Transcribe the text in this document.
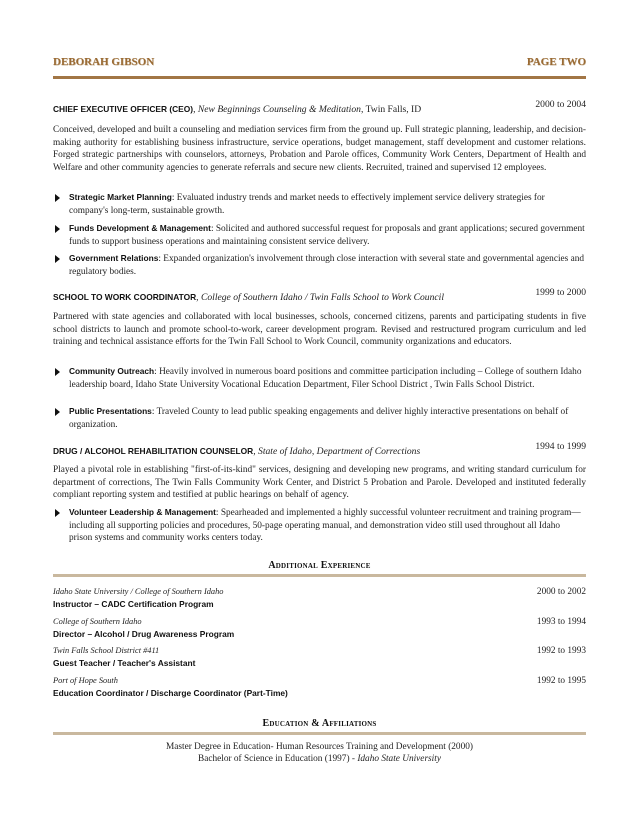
DEBORAH GIBSON	PAGE TWO
CHIEF EXECUTIVE OFFICER (CEO), New Beginnings Counseling & Meditation, Twin Falls, ID	2000 to 2004
Conceived, developed and built a counseling and mediation services firm from the ground up. Full strategic planning, leadership, and decision-making authority for establishing business infrastructure, service operations, budget management, staff development and customer relations. Forged strategic partnerships with counselors, attorneys, Probation and Parole offices, Community Work Centers, Department of Health and Welfare and other community agencies to generate referrals and secure new clients. Recruited, trained and supervised 12 employees.
Strategic Market Planning: Evaluated industry trends and market needs to effectively implement service delivery strategies for company's long-term, sustainable growth.
Funds Development & Management: Solicited and authored successful request for proposals and grant applications; secured government funds to support business operations and maintaining consistent service delivery.
Government Relations: Expanded organization's involvement through close interaction with several state and governmental agencies and regulatory bodies.
SCHOOL TO WORK COORDINATOR, College of Southern Idaho / Twin Falls School to Work Council	1999 to 2000
Partnered with state agencies and collaborated with local businesses, schools, concerned citizens, parents and participating students in five school districts to launch and promote school-to-work, career development program. Revised and restructured program curriculum and led training and technical assistance efforts for the Twin Fall School to Work Council, community organizations and educators.
Community Outreach: Heavily involved in numerous board positions and committee participation including – College of southern Idaho leadership board, Idaho State University Vocational Education Department, Filer School District , Twin Falls School District.
Public Presentations: Traveled County to lead public speaking engagements and deliver highly interactive presentations on behalf of organization.
DRUG / ALCOHOL REHABILITATION COUNSELOR, State of Idaho, Department of Corrections	1994 to 1999
Played a pivotal role in establishing "first-of-its-kind" services, designing and developing new programs, and writing standard curriculum for department of corrections, The Twin Falls Community Work Center, and District 5 Probation and Parole. Developed and instituted federally compliant reporting system and testified at public hearings on behalf of agency.
Volunteer Leadership & Management: Spearheaded and implemented a highly successful volunteer recruitment and training program—including all supporting policies and procedures, 50-page operating manual, and demonstration video still used throughout all Idaho prison systems and community works centers today.
Additional Experience
Idaho State University / College of Southern Idaho
Instructor – CADC Certification Program
2000 to 2002
College of Southern Idaho
Director – Alcohol / Drug Awareness Program
1993 to 1994
Twin Falls School District #411
Guest Teacher / Teacher's Assistant
1992 to 1993
Port of Hope South
Education Coordinator / Discharge Coordinator (Part-Time)
1992 to 1995
Education & Affiliations
Master Degree in Education- Human Resources Training and Development (2000)
Bachelor of Science in Education (1997) - Idaho State University
